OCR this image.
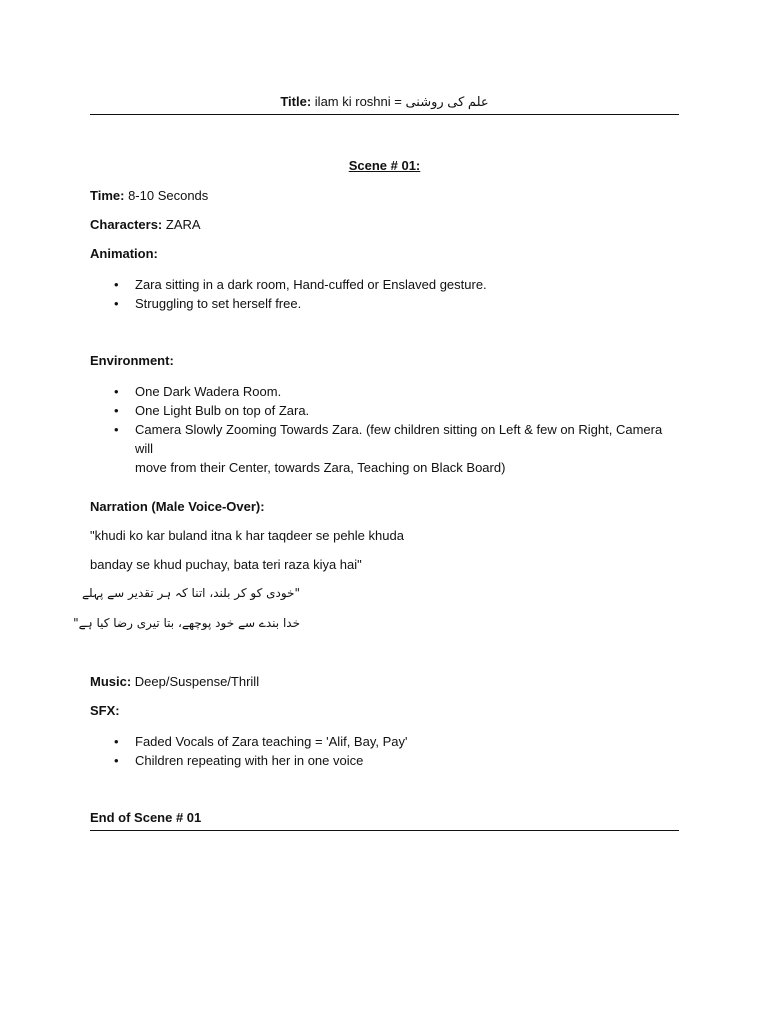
Title: ilam ki roshni = علم کی روشنی
Scene # 01:
Time: 8-10 Seconds
Characters: ZARA
Animation:
• Zara sitting in a dark room, Hand-cuffed or Enslaved gesture.
• Struggling to set herself free.
Environment:
• One Dark Wadera Room.
• One Light Bulb on top of Zara.
• Camera Slowly Zooming Towards Zara. (few children sitting on Left & few on Right, Camera will
move from their Center, towards Zara, Teaching on Black Board)
Narration (Male Voice-Over):
"khudi ko kar buland itna k har taqdeer se pehle khuda
banday se khud puchay, bata teri raza kiya hai"
"خودی کو کر بلند، اتنا کہ ہر تقدیر سے پہلے
خدا بندے سے خود پوچھے، بتا تیری رضا کیا ہے"
Music: Deep/Suspense/Thrill
SFX:
• Faded Vocals of Zara teaching = 'Alif, Bay, Pay'
• Children repeating with her in one voice
End of Scene # 01
